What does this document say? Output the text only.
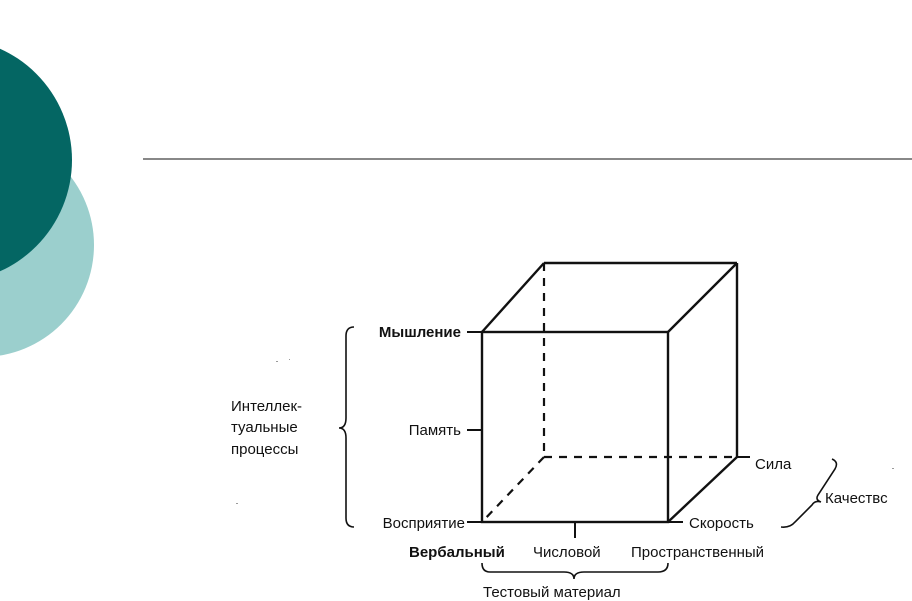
Интеллек- туальные процессы
Мышление
Память
Восприятие
Вербальный Числовой Пространственный
Тестовый материал
Сила
Скорость
Качествс
